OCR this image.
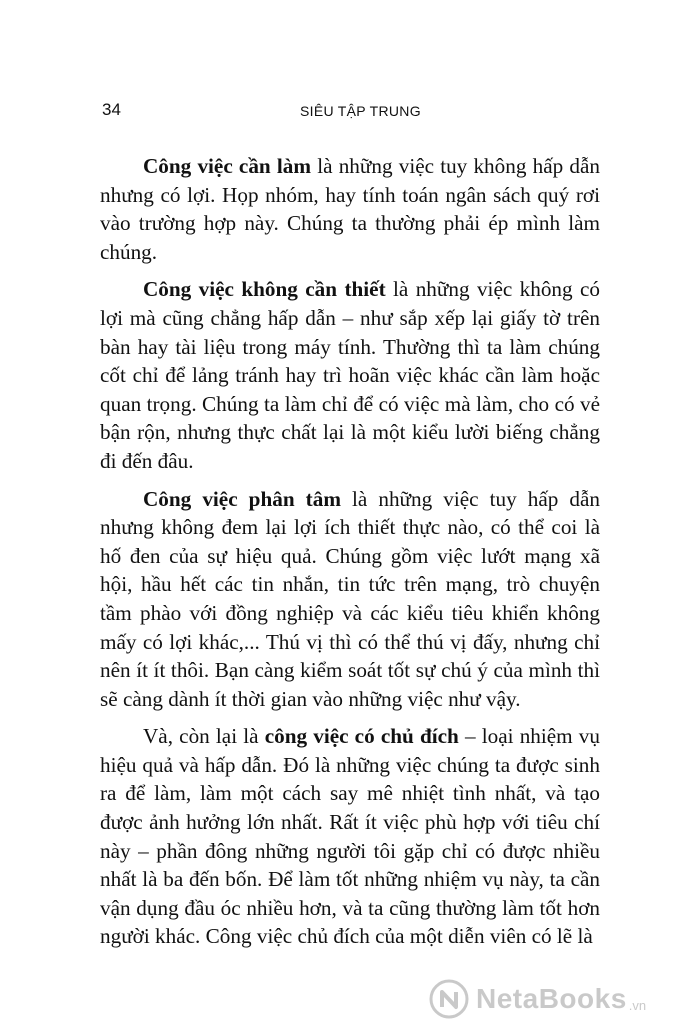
34	SIÊU TẬP TRUNG

Công việc cần làm là những việc tuy không hấp dẫn nhưng có lợi. Họp nhóm, hay tính toán ngân sách quý rơi vào trường hợp này. Chúng ta thường phải ép mình làm chúng.

Công việc không cần thiết là những việc không có lợi mà cũng chẳng hấp dẫn – như sắp xếp lại giấy tờ trên bàn hay tài liệu trong máy tính. Thường thì ta làm chúng cốt chỉ để lảng tránh hay trì hoãn việc khác cần làm hoặc quan trọng. Chúng ta làm chỉ để có việc mà làm, cho có vẻ bận rộn, nhưng thực chất lại là một kiểu lười biếng chẳng đi đến đâu.

Công việc phân tâm là những việc tuy hấp dẫn nhưng không đem lại lợi ích thiết thực nào, có thể coi là hố đen của sự hiệu quả. Chúng gồm việc lướt mạng xã hội, hầu hết các tin nhắn, tin tức trên mạng, trò chuyện tầm phào với đồng nghiệp và các kiểu tiêu khiển không mấy có lợi khác,... Thú vị thì có thể thú vị đấy, nhưng chỉ nên ít ít thôi. Bạn càng kiểm soát tốt sự chú ý của mình thì sẽ càng dành ít thời gian vào những việc như vậy.

Và, còn lại là công việc có chủ đích – loại nhiệm vụ hiệu quả và hấp dẫn. Đó là những việc chúng ta được sinh ra để làm, làm một cách say mê nhiệt tình nhất, và tạo được ảnh hưởng lớn nhất. Rất ít việc phù hợp với tiêu chí này – phần đông những người tôi gặp chỉ có được nhiều nhất là ba đến bốn. Để làm tốt những nhiệm vụ này, ta cần vận dụng đầu óc nhiều hơn, và ta cũng thường làm tốt hơn người khác. Công việc chủ đích của một diễn viên có lẽ là

NetaBooks .vn
